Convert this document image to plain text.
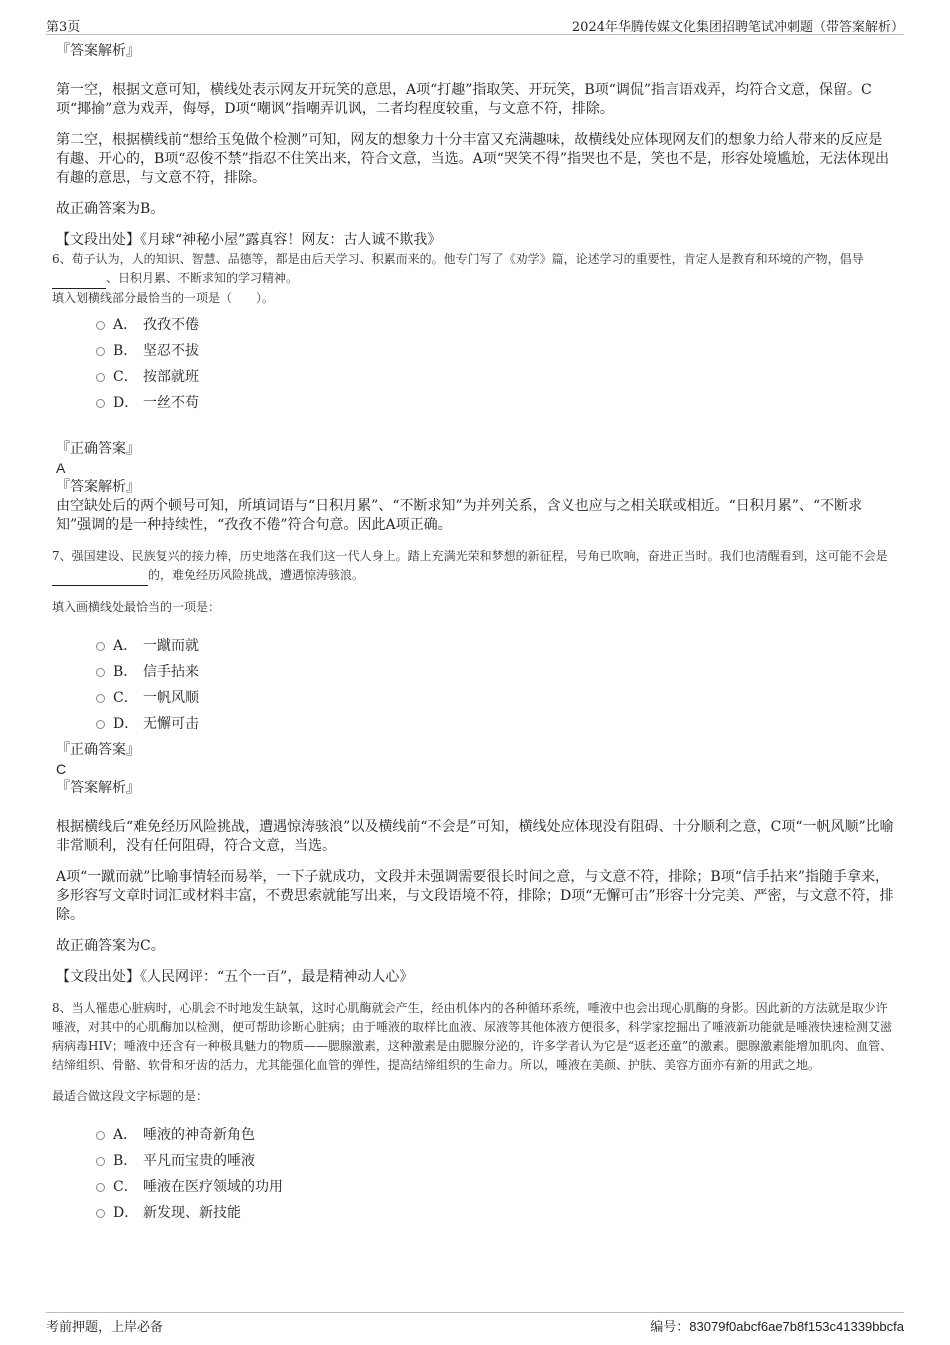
第3页	2024年华腾传媒文化集团招聘笔试冲刺题（带答案解析）

『答案解析』

第一空，根据文意可知，横线处表示网友开玩笑的意思，A项“打趣”指取笑、开玩笑，B项“调侃”指言语戏弄，均符合文意，保留。C项“揶揄”意为戏弄，侮辱，D项“嘲讽”指嘲弄讥讽，二者均程度较重，与文意不符，排除。

第二空，根据横线前“想给玉兔做个检测”可知，网友的想象力十分丰富又充满趣味，故横线处应体现网友们的想象力给人带来的反应是有趣、开心的，B项“忍俊不禁”指忍不住笑出来，符合文意，当选。A项“哭笑不得”指哭也不是，笑也不是，形容处境尴尬，无法体现出有趣的意思，与文意不符，排除。

故正确答案为B。

【文段出处】《月球“神秘小屋”露真容！网友：古人诚不欺我》

6、荀子认为，人的知识、智慧、品德等，都是由后天学习、积累而来的。他专门写了《劝学》篇，论述学习的重要性，肯定人是教育和环境的产物，倡导 、日积月累、不断求知的学习精神。

填入划横线部分最恰当的一项是（　　）。

A． 孜孜不倦
B． 坚忍不拔
C． 按部就班
D． 一丝不苟

『正确答案』

A

『答案解析』

由空缺处后的两个顿号可知，所填词语与“日积月累”、“不断求知”为并列关系，含义也应与之相关联或相近。“日积月累”、“不断求知”强调的是一种持续性，“孜孜不倦”符合句意。因此A项正确。

7、强国建设、民族复兴的接力棒，历史地落在我们这一代人身上。踏上充满光荣和梦想的新征程，号角已吹响，奋进正当时。我们也清醒看到，这可能不会是 的，难免经历风险挑战，遭遇惊涛骇浪。

填入画横线处最恰当的一项是：

A． 一蹴而就
B． 信手拈来
C． 一帆风顺
D． 无懈可击

『正确答案』

C

『答案解析』

根据横线后“难免经历风险挑战，遭遇惊涛骇浪”以及横线前“不会是”可知，横线处应体现没有阻碍、十分顺利之意，C项“一帆风顺”比喻非常顺利，没有任何阻碍，符合文意，当选。

A项“一蹴而就”比喻事情轻而易举，一下子就成功，文段并未强调需要很长时间之意，与文意不符，排除；B项“信手拈来”指随手拿来，多形容写文章时词汇或材料丰富，不费思索就能写出来，与文段语境不符，排除；D项“无懈可击”形容十分完美、严密，与文意不符，排除。

故正确答案为C。

【文段出处】《人民网评：“五个一百”，最是精神动人心》

8、当人罹患心脏病时，心肌会不时地发生缺氧，这时心肌酶就会产生，经由机体内的各种循环系统，唾液中也会出现心肌酶的身影。因此新的方法就是取少许唾液，对其中的心肌酶加以检测，便可帮助诊断心脏病；由于唾液的取样比血液、尿液等其他体液方便很多，科学家挖掘出了唾液新功能就是唾液快速检测艾滋病病毒HIV；唾液中还含有一种极具魅力的物质——腮腺激素，这种激素是由腮腺分泌的，许多学者认为它是“返老还童”的激素。腮腺激素能增加肌肉、血管、结缔组织、骨骼、软骨和牙齿的活力，尤其能强化血管的弹性，提高结缔组织的生命力。所以，唾液在美颜、护肤、美容方面亦有新的用武之地。

最适合做这段文字标题的是：

A． 唾液的神奇新角色
B． 平凡而宝贵的唾液
C． 唾液在医疗领域的功用
D． 新发现、新技能
考前押题，上岸必备	编号：83079f0abcf6ae7b8f153c41339bbcfa
